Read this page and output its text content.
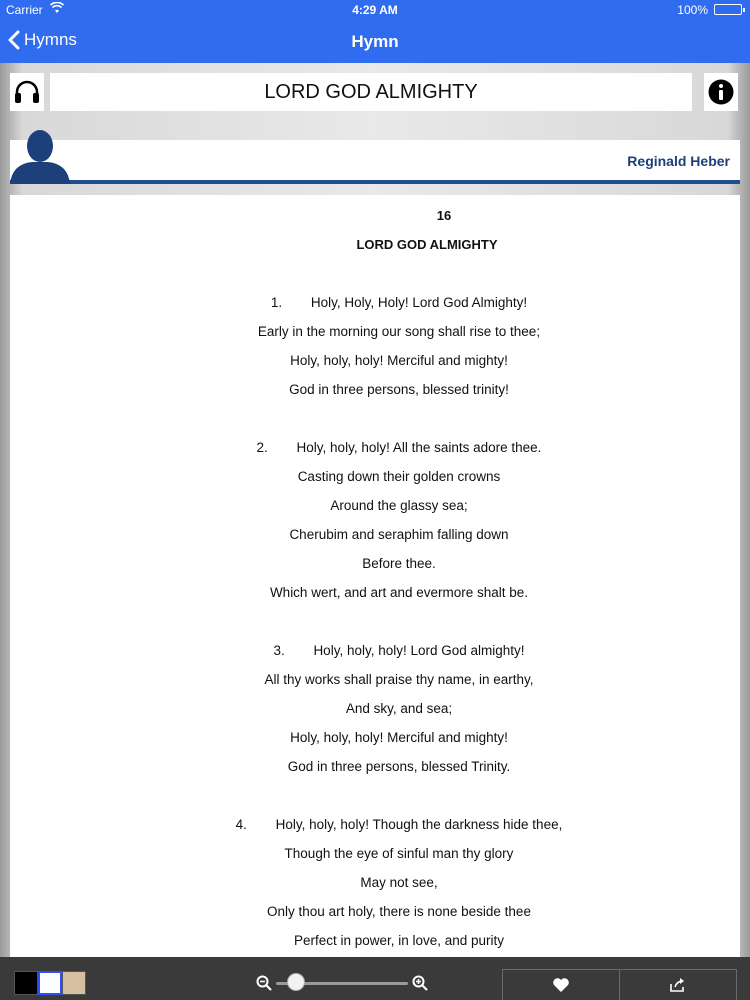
Carrier	4:29 AM	100%
Hymns	Hymn
LORD GOD ALMIGHTY
Reginald Heber
16
LORD GOD ALMIGHTY
1. Holy, Holy, Holy! Lord God Almighty!
Early in the morning our song shall rise to thee;
Holy, holy, holy! Merciful and mighty!
God in three persons, blessed trinity!
2. Holy, holy, holy! All the saints adore thee.
Casting down their golden crowns
Around the glassy sea;
Cherubim and seraphim falling down
Before thee.
Which wert, and art and evermore shalt be.
3. Holy, holy, holy! Lord God almighty!
All thy works shall praise thy name, in earthy,
And sky, and sea;
Holy, holy, holy! Merciful and mighty!
God in three persons, blessed Trinity.
4. Holy, holy, holy! Though the darkness hide thee,
Though the eye of sinful man thy glory
May not see,
Only thou art holy, there is none beside thee
Perfect in power, in love, and purity
